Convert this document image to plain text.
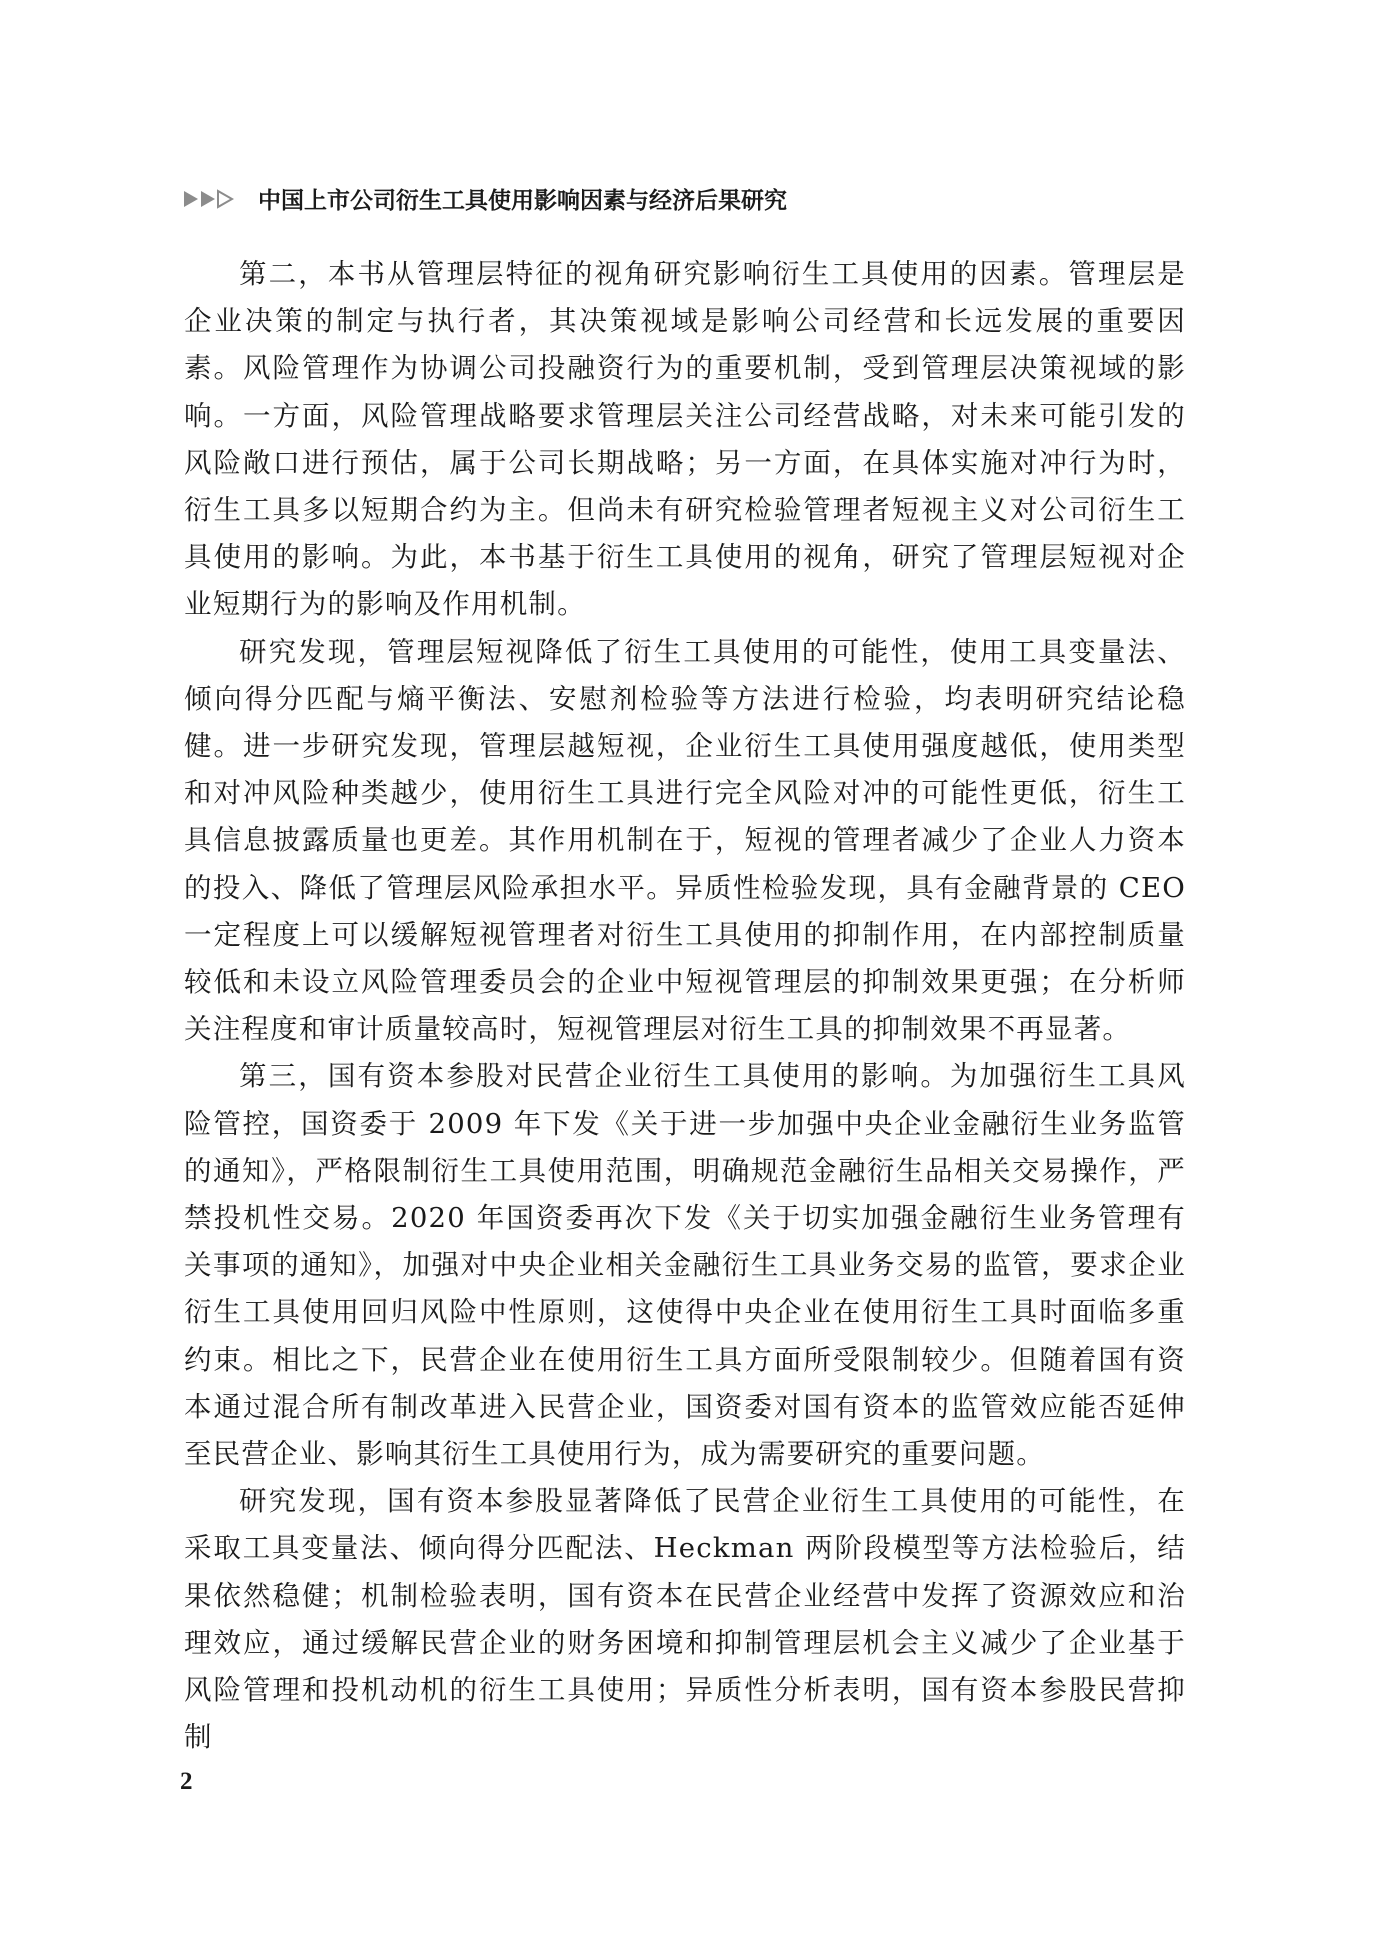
中国上市公司衍生工具使用影响因素与经济后果研究

第二，本书从管理层特征的视角研究影响衍生工具使用的因素。管理层是企业决策的制定与执行者，其决策视域是影响公司经营和长远发展的重要因素。风险管理作为协调公司投融资行为的重要机制，受到管理层决策视域的影响。一方面，风险管理战略要求管理层关注公司经营战略，对未来可能引发的风险敞口进行预估，属于公司长期战略；另一方面，在具体实施对冲行为时，衍生工具多以短期合约为主。但尚未有研究检验管理者短视主义对公司衍生工具使用的影响。为此，本书基于衍生工具使用的视角，研究了管理层短视对企业短期行为的影响及作用机制。

研究发现，管理层短视降低了衍生工具使用的可能性，使用工具变量法、倾向得分匹配与熵平衡法、安慰剂检验等方法进行检验，均表明研究结论稳健。进一步研究发现，管理层越短视，企业衍生工具使用强度越低，使用类型和对冲风险种类越少，使用衍生工具进行完全风险对冲的可能性更低，衍生工具信息披露质量也更差。其作用机制在于，短视的管理者减少了企业人力资本的投入、降低了管理层风险承担水平。异质性检验发现，具有金融背景的 CEO 一定程度上可以缓解短视管理者对衍生工具使用的抑制作用，在内部控制质量较低和未设立风险管理委员会的企业中短视管理层的抑制效果更强；在分析师关注程度和审计质量较高时，短视管理层对衍生工具的抑制效果不再显著。

第三，国有资本参股对民营企业衍生工具使用的影响。为加强衍生工具风险管控，国资委于 2009 年下发《关于进一步加强中央企业金融衍生业务监管的通知》，严格限制衍生工具使用范围，明确规范金融衍生品相关交易操作，严禁投机性交易。2020 年国资委再次下发《关于切实加强金融衍生业务管理有关事项的通知》，加强对中央企业相关金融衍生工具业务交易的监管，要求企业衍生工具使用回归风险中性原则，这使得中央企业在使用衍生工具时面临多重约束。相比之下，民营企业在使用衍生工具方面所受限制较少。但随着国有资本通过混合所有制改革进入民营企业，国资委对国有资本的监管效应能否延伸至民营企业、影响其衍生工具使用行为，成为需要研究的重要问题。

研究发现，国有资本参股显著降低了民营企业衍生工具使用的可能性，在采取工具变量法、倾向得分匹配法、Heckman 两阶段模型等方法检验后，结果依然稳健；机制检验表明，国有资本在民营企业经营中发挥了资源效应和治理效应，通过缓解民营企业的财务困境和抑制管理层机会主义减少了企业基于风险管理和投机动机的衍生工具使用；异质性分析表明，国有资本参股民营抑制

2
